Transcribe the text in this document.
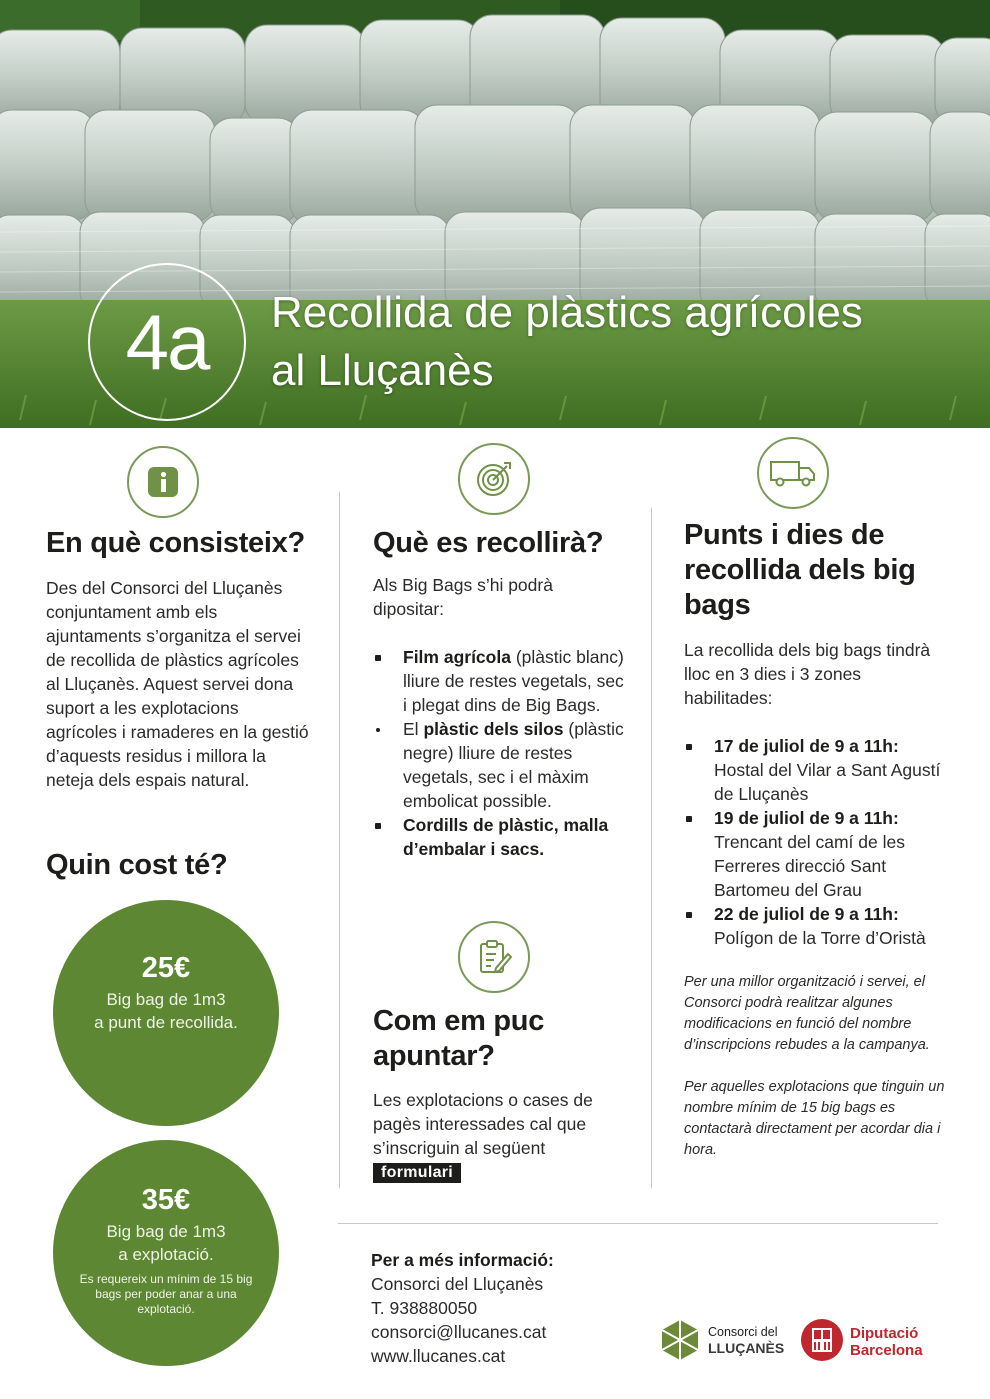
4a	Recollida de plàstics agrícoles
al Lluçanès
En què consisteix?
Des del Consorci del Lluçanès conjuntament amb els ajuntaments s’organitza el servei de recollida de plàstics agrícoles al Lluçanès. Aquest servei dona suport a les explotacions agrícoles i ramaderes en la gestió d’aquests residus i millora la neteja dels espais natural.
Quin cost té?
25€
Big bag de 1m3
a punt de recollida.
35€
Big bag de 1m3
a explotació.
Es requereix un mínim de 15 big bags per poder anar a una explotació.
Què es recollirà?
Als Big Bags s’hi podrà dipositar:
Film agrícola (plàstic blanc) lliure de restes vegetals, sec i plegat dins de Big Bags.
El plàstic dels silos (plàstic negre) lliure de restes vegetals, sec i el màxim embolicat possible.
Cordills de plàstic, malla d’embalar i sacs.
Com em puc apuntar?
Les explotacions o cases de pagès interessades cal que s’inscriguin al següent
formulari
Punts i dies de recollida dels big bags
La recollida dels big bags tindrà lloc en 3 dies i 3 zones habilitades:
17 de juliol de 9 a 11h:
Hostal del Vilar a Sant Agustí de Lluçanès
19 de juliol de 9 a 11h:
Trencant del camí de les Ferreres direcció Sant Bartomeu del Grau
22 de juliol de 9 a 11h:
Polígon de la Torre d’Oristà
Per una millor organització i servei, el Consorci podrà realitzar algunes modificacions en funció del nombre d’inscripcions rebudes a la campanya.
Per aquelles explotacions que tinguin un nombre mínim de 15 big bags es contactarà directament per acordar dia i hora.
Per a més informació:
Consorci del Lluçanès
T. 938880050
consorci@llucanes.cat
www.llucanes.cat
Consorci del
LLUÇANÈS
Diputació
Barcelona
